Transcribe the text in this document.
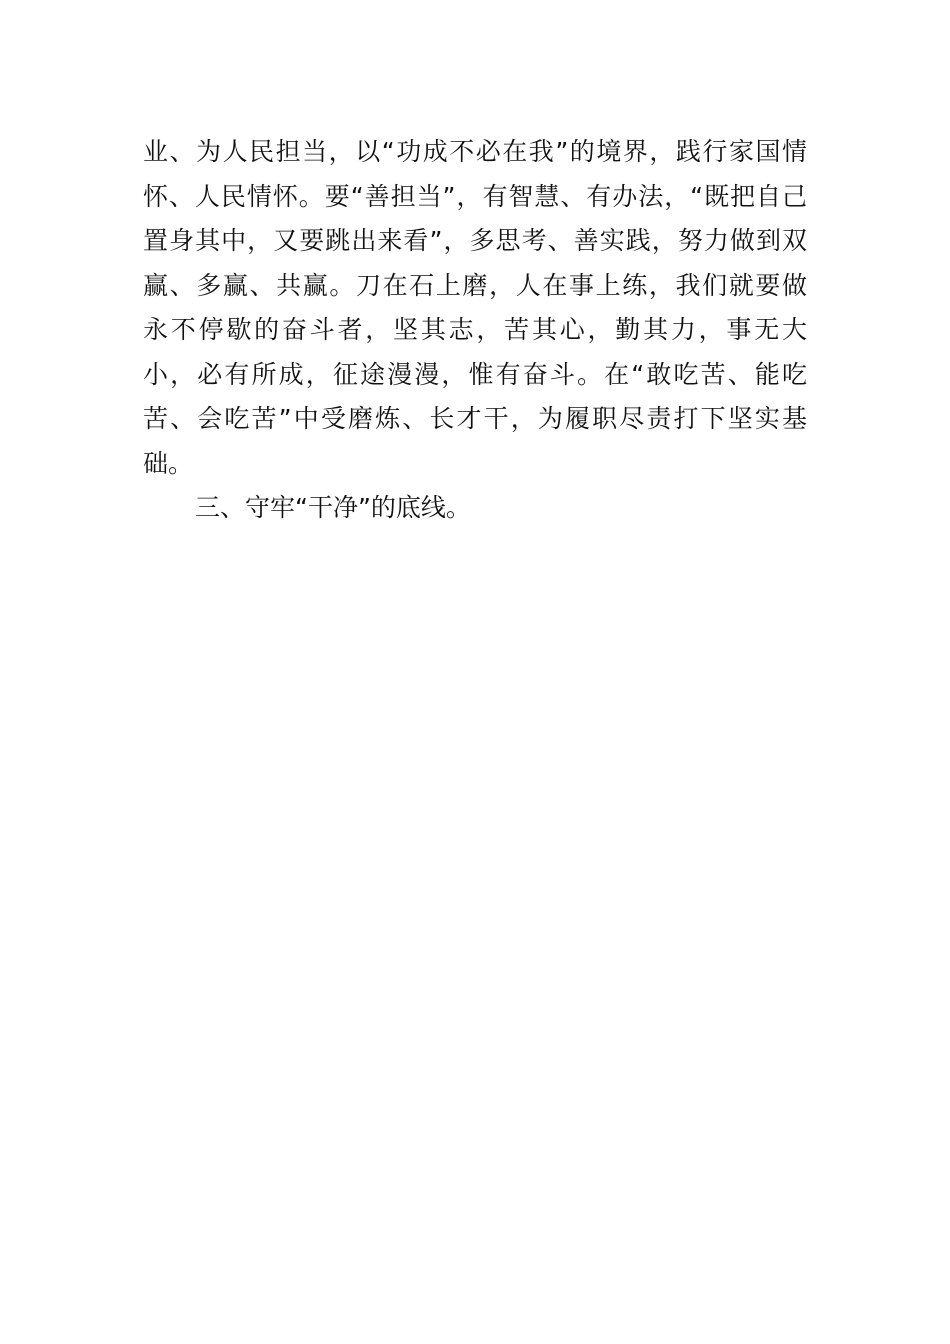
业、为人民担当，以“功成不必在我”的境界，践行家国情
怀、人民情怀。要“善担当”，有智慧、有办法，“既把自己
置身其中，又要跳出来看”，多思考、善实践，努力做到双
赢、多赢、共赢。刀在石上磨，人在事上练，我们就要做
永不停歇的奋斗者，坚其志，苦其心，勤其力，事无大
小，必有所成，征途漫漫，惟有奋斗。在“敢吃苦、能吃
苦、会吃苦”中受磨炼、长才干，为履职尽责打下坚实基
础。
三、守牢“干净”的底线。
